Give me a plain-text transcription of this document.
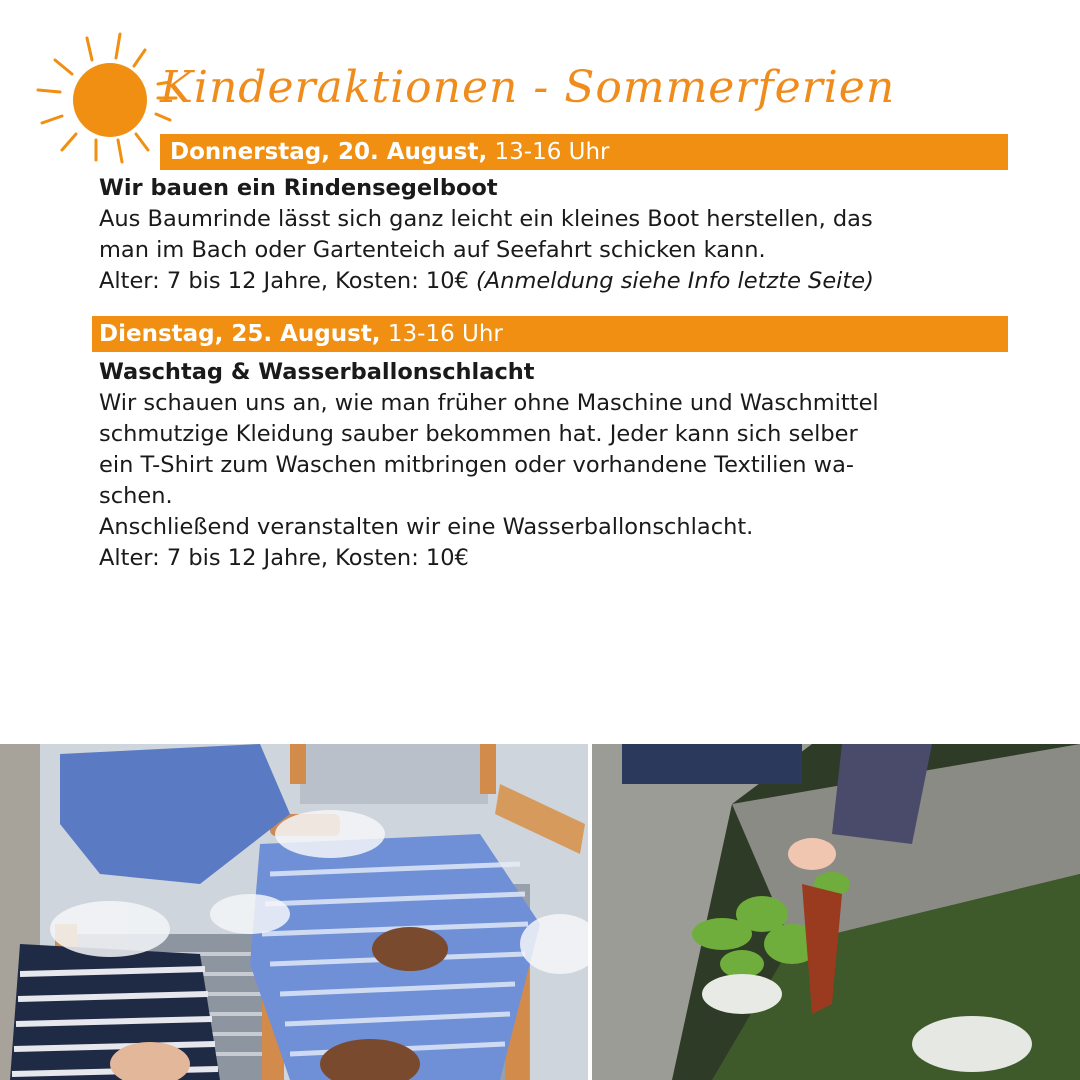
Kinderaktionen - Sommerferien
Donnerstag, 20. August, 13-16 Uhr

Wir bauen ein Rindensegelboot

Aus Baumrinde lässt sich ganz leicht ein kleines Boot herstellen, das

man im Bach oder Gartenteich auf Seefahrt schicken kann.

Alter: 7 bis 12 Jahre, Kosten: 10€ (Anmeldung siehe Info letzte Seite)

Dienstag, 25. August, 13-16 Uhr

Waschtag & Wasserballonschlacht

Wir schauen uns an, wie man früher ohne Maschine und Waschmittel

schmutzige Kleidung sauber bekommen hat. Jeder kann sich selber

ein T-Shirt zum Waschen mitbringen oder vorhandene Textilien wa-

schen.

Anschließend veranstalten wir eine Wasserballonschlacht.

Alter: 7 bis 12 Jahre, Kosten: 10€
